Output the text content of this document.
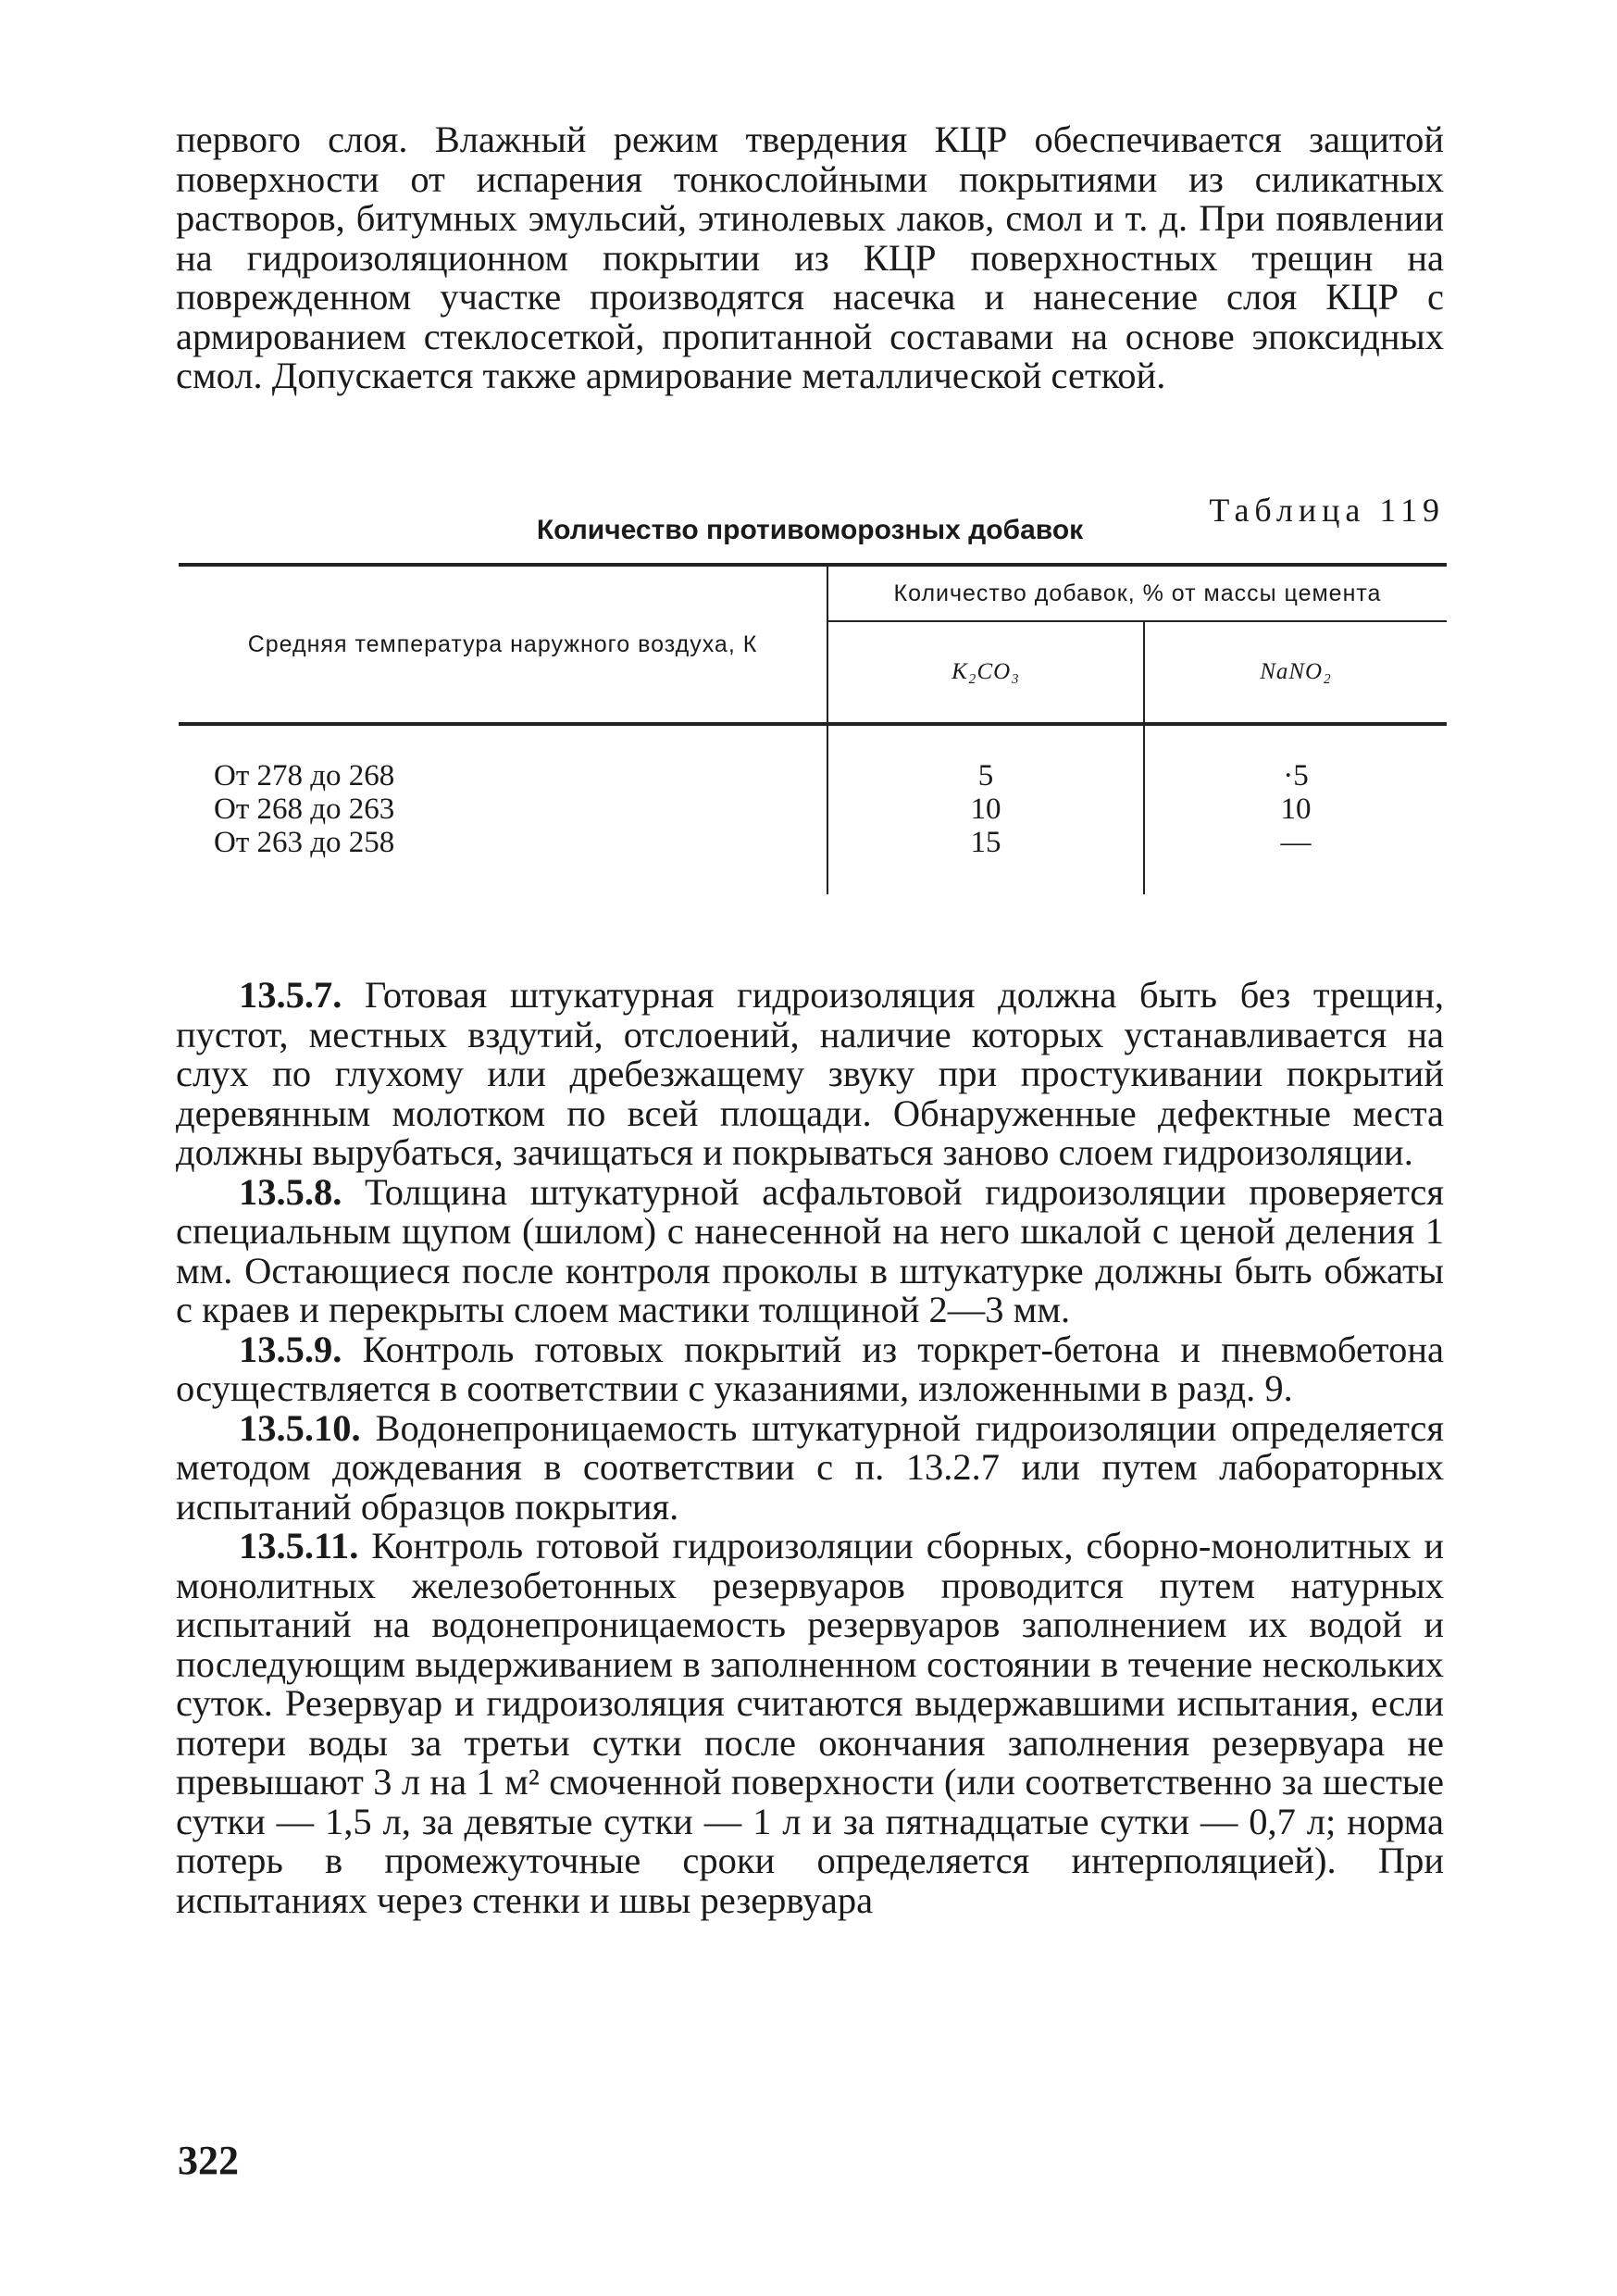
первого слоя. Влажный режим твердения КЦР обеспечивается защитой поверхности от испарения тонкослойными покрытиями из силикатных растворов, битумных эмульсий, этинолевых лаков, смол и т. д. При появлении на гидроизоляционном покрытии из КЦР поверхностных трещин на поврежденном участке производятся насечка и нанесение слоя КЦР с армированием стеклосеткой, пропитанной составами на основе эпоксидных смол. Допускается также армирование металлической сеткой.

Таблица 119
Количество противоморозных добавок
Средняя температура наружного воздуха, К	Количество добавок, % от массы цемента	
	K₂CO₃	NaNO₂
От 278 до 268	5	·5
От 268 до 263	10	10
От 263 до 258	15	—

13.5.7. Готовая штукатурная гидроизоляция должна быть без трещин, пустот, местных вздутий, отслоений, наличие которых устанавливается на слух по глухому или дребезжащему звуку при простукивании покрытий деревянным молотком по всей площади. Обнаруженные дефектные места должны вырубаться, зачищаться и покрываться заново слоем гидроизоляции.

13.5.8. Толщина штукатурной асфальтовой гидроизоляции проверяется специальным щупом (шилом) с нанесенной на него шкалой с ценой деления 1 мм. Остающиеся после контроля проколы в штукатурке должны быть обжаты с краев и перекрыты слоем мастики толщиной 2—3 мм.

13.5.9. Контроль готовых покрытий из торкрет-бетона и пневмобетона осуществляется в соответствии с указаниями, изложенными в разд. 9.

13.5.10. Водонепроницаемость штукатурной гидроизоляции определяется методом дождевания в соответствии с п. 13.2.7 или путем лабораторных испытаний образцов покрытия.

13.5.11. Контроль готовой гидроизоляции сборных, сборно-монолитных и монолитных железобетонных резервуаров проводится путем натурных испытаний на водонепроницаемость резервуаров заполнением их водой и последующим выдерживанием в заполненном состоянии в течение нескольких суток. Резервуар и гидроизоляция считаются выдержавшими испытания, если потери воды за третьи сутки после окончания заполнения резервуара не превышают 3 л на 1 м² смоченной поверхности (или соответственно за шестые сутки — 1,5 л, за девятые сутки — 1 л и за пятнадцатые сутки — 0,7 л; норма потерь в промежуточные сроки определяется интерполяцией). При испытаниях через стенки и швы резервуара

322
